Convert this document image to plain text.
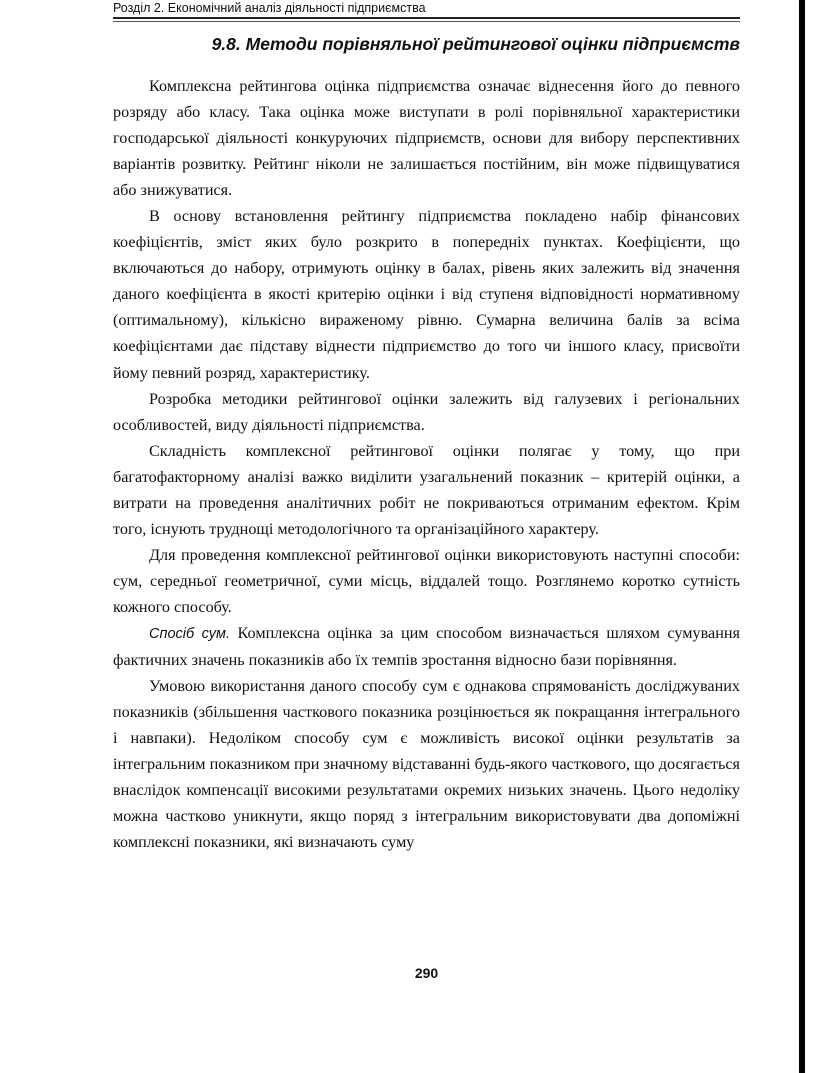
Розділ 2. Економічний аналіз діяльності підприємства
9.8. Методи порівняльної рейтингової оцінки підприємств

Комплексна рейтингова оцінка підприємства означає віднесення його до певного розряду або класу. Така оцінка може виступати в ролі порівняльної характеристики господарської діяльності конкуруючих підприємств, основи для вибору перспективних варіантів розвитку. Рейтинг ніколи не залишається постійним, він може підвищуватися або знижуватися.

В основу встановлення рейтингу підприємства покладено набір фінансових коефіцієнтів, зміст яких було розкрито в попередніх пунктах. Коефіцієнти, що включаються до набору, отримують оцінку в балах, рівень яких залежить від значення даного коефіцієнта в якості критерію оцінки і від ступеня відповідності нормативному (оптимальному), кількісно вираженому рівню. Сумарна величина балів за всіма коефіцієнтами дає підставу віднести підприємство до того чи іншого класу, присвоїти йому певний розряд, характеристику.

Розробка методики рейтингової оцінки залежить від галузевих і регіональних особливостей, виду діяльності підприємства.

Складність комплексної рейтингової оцінки полягає у тому, що при багатофакторному аналізі важко виділити узагальнений показник – критерій оцінки, а витрати на проведення аналітичних робіт не покриваються отриманим ефектом. Крім того, існують труднощі методологічного та організаційного характеру.

Для проведення комплексної рейтингової оцінки використовують наступні способи: сум, середньої геометричної, суми місць, віддалей тощо. Розглянемо коротко сутність кожного способу.

Спосіб сум. Комплексна оцінка за цим способом визначається шляхом сумування фактичних значень показників або їх темпів зростання відносно бази порівняння.

Умовою використання даного способу сум є однакова спрямованість досліджуваних показників (збільшення часткового показника розцінюється як покращання інтегрального і навпаки). Недоліком способу сум є можливість високої оцінки результатів за інтегральним показником при значному відставанні будь-якого часткового, що досягається внаслідок компенсації високими результатами окремих низьких значень. Цього недоліку можна частково уникнути, якщо поряд з інтегральним використовувати два допоміжні комплексні показники, які визначають суму

290
